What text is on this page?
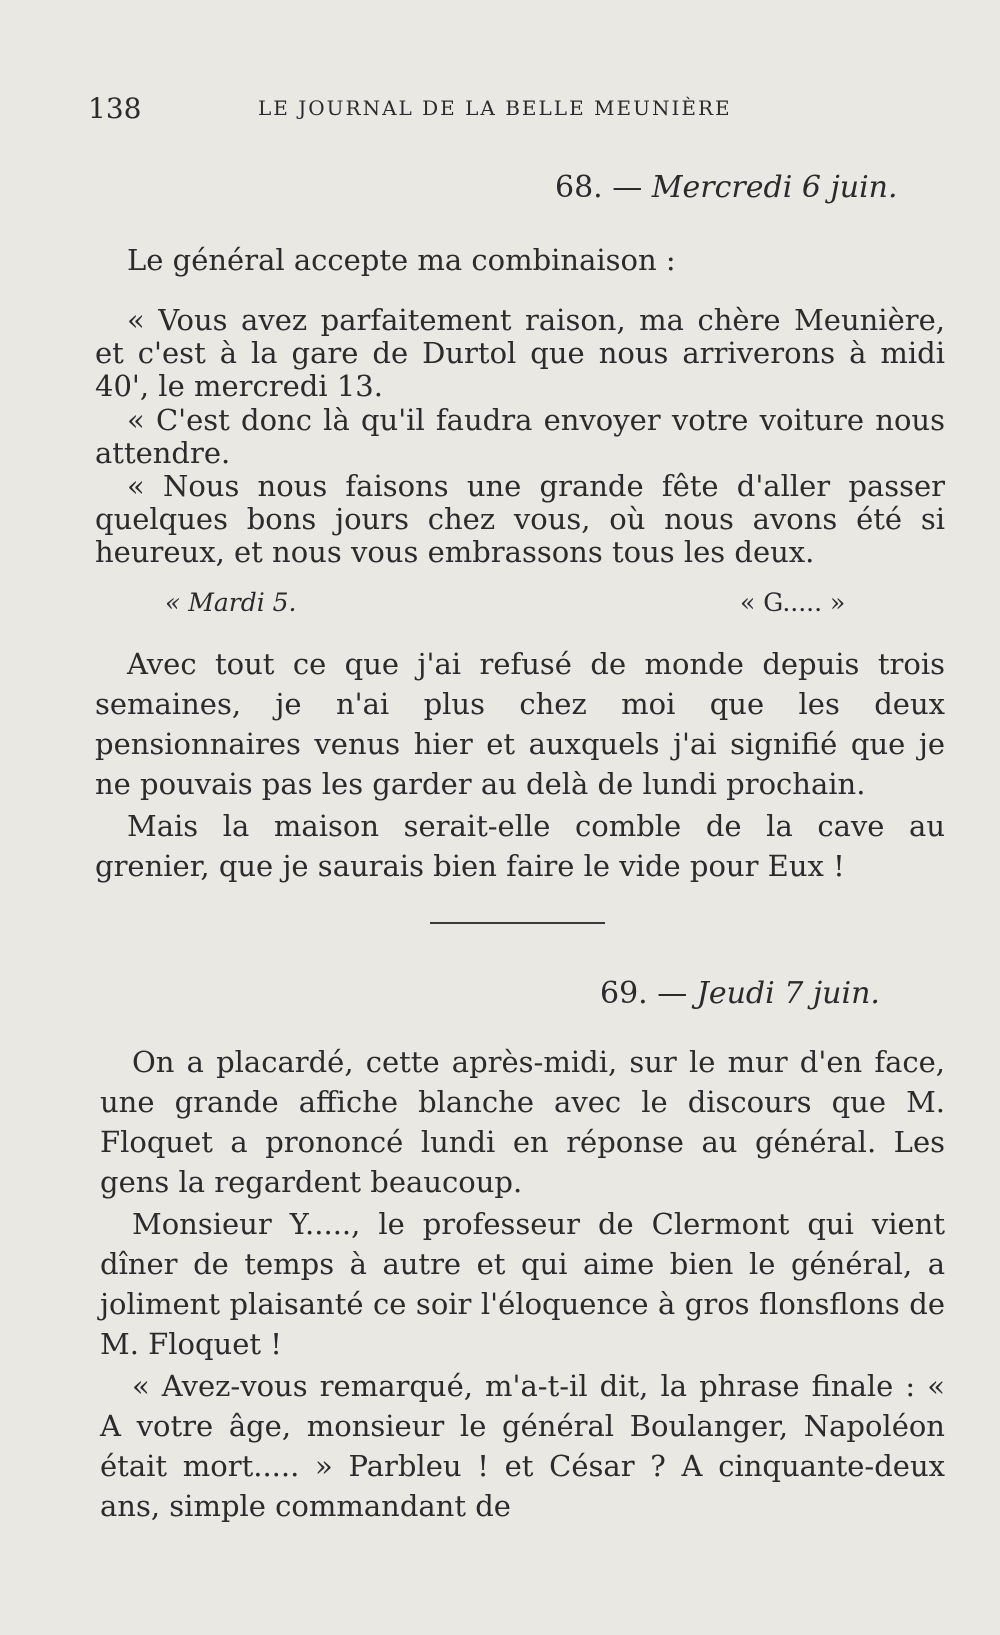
138	LE JOURNAL DE LA BELLE MEUNIÈRE
68. — Mercredi 6 juin.

Le général accepte ma combinaison :

« Vous avez parfaitement raison, ma chère Meunière, et c'est à la gare de Durtol que nous arriverons à midi 40', le mercredi 13.

« C'est donc là qu'il faudra envoyer votre voiture nous attendre.

« Nous nous faisons une grande fête d'aller passer quelques bons jours chez vous, où nous avons été si heureux, et nous vous embrassons tous les deux.

« Mardi 5.	« G..... »

Avec tout ce que j'ai refusé de monde depuis trois semaines, je n'ai plus chez moi que les deux pensionnaires venus hier et auxquels j'ai signifié que je ne pouvais pas les garder au delà de lundi prochain.

Mais la maison serait-elle comble de la cave au grenier, que je saurais bien faire le vide pour Eux !

69. — Jeudi 7 juin.

On a placardé, cette après-midi, sur le mur d'en face, une grande affiche blanche avec le discours que M. Floquet a prononcé lundi en réponse au général. Les gens la regardent beaucoup.

Monsieur Y....., le professeur de Clermont qui vient dîner de temps à autre et qui aime bien le général, a joliment plaisanté ce soir l'éloquence à gros flonsflons de M. Floquet !

« Avez-vous remarqué, m'a-t-il dit, la phrase finale : « A votre âge, monsieur le général Boulanger, Napoléon était mort..... » Parbleu ! et César ? A cinquante-deux ans, simple commandant de
